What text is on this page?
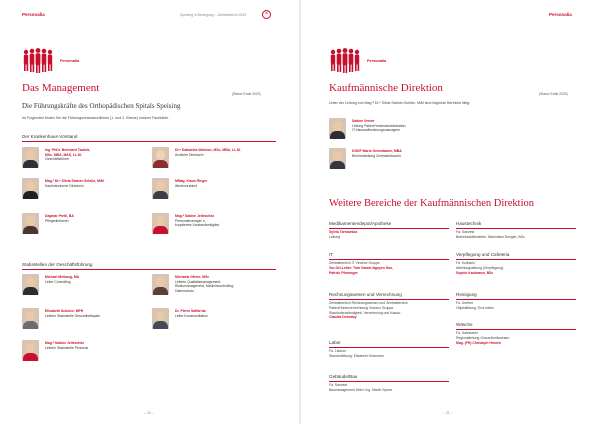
Personalia	Speising in Bewegung – Jahresbericht 2023	×
Personalia
Das Management	(Stand: Ende 2023)
Die Führungskräfte des Orthopädischen Spitals Speising
Im Folgenden finden Sie die Führungsverantwortlichen (1. und 2. Ebene) unserer Fachklinik.
Der Krankenhaus-Vorstand
Ing. PhDr. Bernhard Taubek,
MSc, MBA, MAS, LL.M.
Geschäftsführer
Dr.ᵉ Katharina Wolmon, MSc, MBA, LL.M.
Ärztliche Direktorin
Mag.ª Dr.ᵉ Silvia Stainer-Schütz, MiM
Kaufmännische Direktorin
MMag. Klaus Rieger
Wertevorstand
Dagmar Pretll, BA
Pflegedirektorin
Mag.ª Sabine Jelleschitz
Personalmanager n,
kooptiertes Vorstandsmitglied
Stabsstellen der Geschäftsführung
Michael Melkang, MA
Leiter Controlling
Michaela Gferer, MSc
Leiterin Qualitätsmanagement,
Risikomanagement, Medizincontrolling,
Datenschutz
Elisabeth Schulze, MPH
Leiterin Stabsstelle Gesundheitspark
Dr. Pierre Saffarnia
Leiter Kommunikation
Mag.ª Sabine Jelleschitz
Leiterin Stabsstelle Personal
– 30 –
Personalia
Personalia
Kaufmännische Direktion	(Stand: Ende 2023)
Unter der Leitung von Mag.ª Dr.ᵉ Silvia Stainer-Schütz, MiM sind folgende Bereiche tätig:
Sabine Verner
Leitung Patient*innenadministration,
IT-Hausaufforderungsmanagern
DGKP Mario Gesenbauer, MBA
Bereichsleitung Zentraleinkauf:in
Weitere Bereiche der Kaufmännischen Direktion
Medikamentendepot/Apotheke
Sylvia Tarnowska
Leitung
IT
Zentralbereich IT Vinzenz Gruppe
Vor-Ort-Leiter: Tran Daniel-Nguyen Son,
Patrick Pfemmger
Rechnungswesen und Verrechnung
Zentralbereich Rechnungswesen und Zentralbereich
Patient*innenverrechnung Vinzenz Gruppe.
Standortzuständigkeit, Verrechnung und Kassa:
Claudia Dohnösy
Labor
Fa. Labcon
Standortleitung: Elisabeth Holzmann
Gebäude/Bau
Fa. Sanvest
Baumanagement Wien: Ing. Martin Sporer
Haustechnik
Fa. Sanvest
Betriebsstättenleiter: Maximilian Dengler, BSc
Verpflegung und Cafeteria
Fa. Kulinario
Abteilungsleitung (Verpflegung):
Sophie Kaufmann, BSc
Reinigung
Fa. Dorfner
Objektleitung: Tina Ivekis
Wäsche
Fa. Salesianer
Regionalleitung Gesundheitswesen:
Mag. (FH) Christoph Hriniek
– 31 –
